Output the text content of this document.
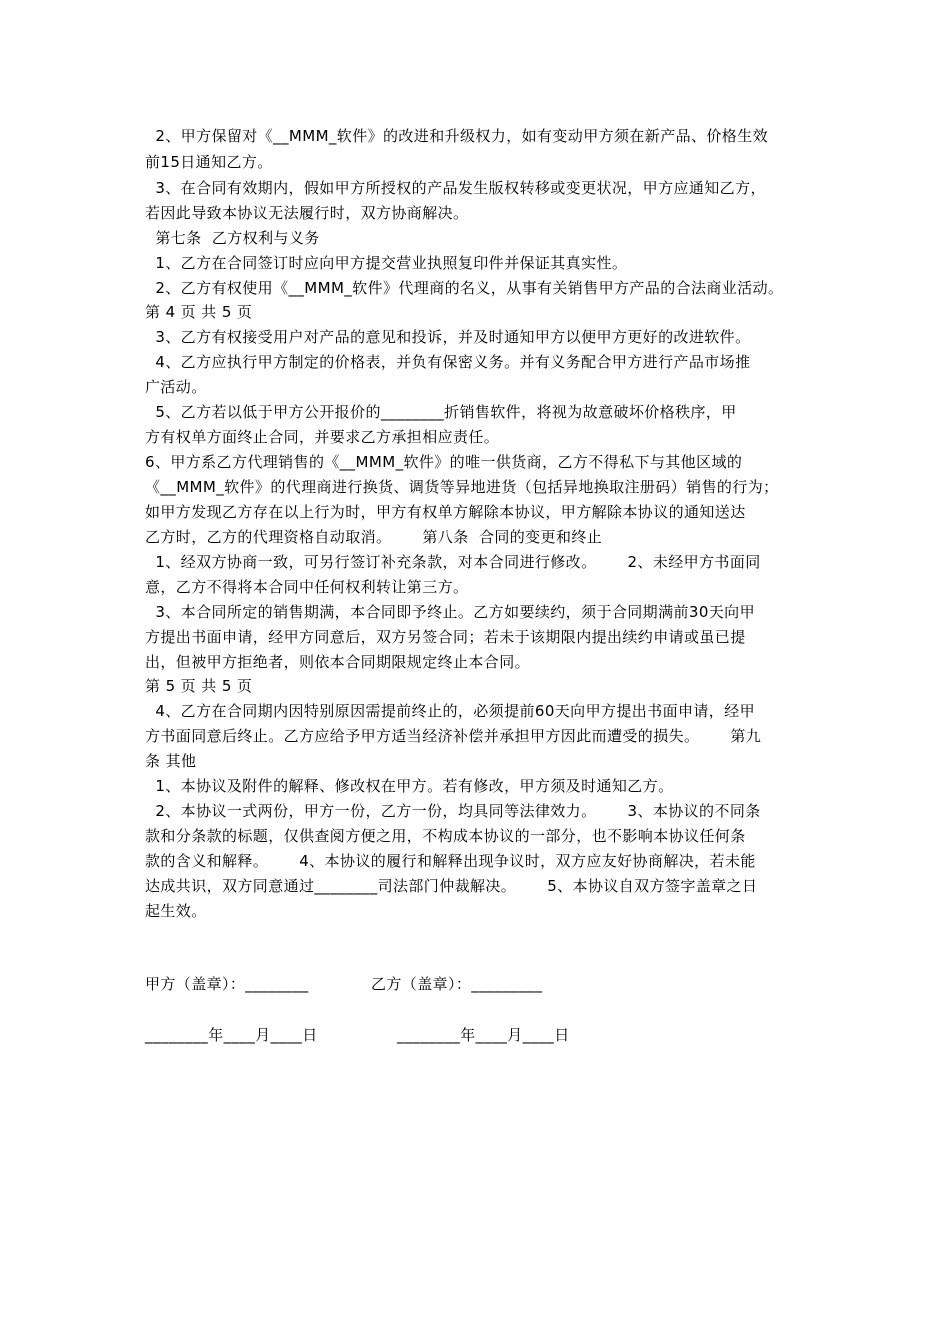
2、甲方保留对《__MMM_软件》的改进和升级权力，如有变动甲方须在新产品、价格生效
前15日通知乙方。
3、在合同有效期内，假如甲方所授权的产品发生版权转移或变更状况，甲方应通知乙方，
若因此导致本协议无法履行时，双方协商解决。
第七条  乙方权利与义务
1、乙方在合同签订时应向甲方提交营业执照复印件并保证其真实性。
2、乙方有权使用《__MMM_软件》代理商的名义，从事有关销售甲方产品的合法商业活动。
第 4 页 共 5 页
3、乙方有权接受用户对产品的意见和投诉，并及时通知甲方以便甲方更好的改进软件。
4、乙方应执行甲方制定的价格表，并负有保密义务。并有义务配合甲方进行产品市场推
广活动。
5、乙方若以低于甲方公开报价的________折销售软件，将视为故意破坏价格秩序，甲
方有权单方面终止合同，并要求乙方承担相应责任。
6、甲方系乙方代理销售的《__MMM_软件》的唯一供货商，乙方不得私下与其他区域的
《__MMM_软件》的代理商进行换货、调货等异地进货（包括异地换取注册码）销售的行为；
如甲方发现乙方存在以上行为时，甲方有权单方解除本协议，甲方解除本协议的通知送达
乙方时，乙方的代理资格自动取消。      第八条  合同的变更和终止
1、经双方协商一致，可另行签订补充条款，对本合同进行修改。      2、未经甲方书面同
意，乙方不得将本合同中任何权利转让第三方。
3、本合同所定的销售期满，本合同即予终止。乙方如要续约，须于合同期满前30天向甲
方提出书面申请，经甲方同意后，双方另签合同；若未于该期限内提出续约申请或虽已提
出，但被甲方拒绝者，则依本合同期限规定终止本合同。
第 5 页 共 5 页
4、乙方在合同期内因特别原因需提前终止的，必须提前60天向甲方提出书面申请，经甲
方书面同意后终止。乙方应给予甲方适当经济补偿并承担甲方因此而遭受的损失。      第九
条 其他
1、本协议及附件的解释、修改权在甲方。若有修改，甲方须及时通知乙方。
2、本协议一式两份，甲方一份，乙方一份，均具同等法律效力。      3、本协议的不同条
款和分条款的标题，仅供查阅方便之用，不构成本协议的一部分，也不影响本协议任何条
款的含义和解释。      4、本协议的履行和解释出现争议时，双方应友好协商解决，若未能
达成共识，双方同意通过________司法部门仲裁解决。      5、本协议自双方签字盖章之日
起生效。
甲方（盖章）：________	乙方（盖章）：_________
________年____月____日	________年____月____日
